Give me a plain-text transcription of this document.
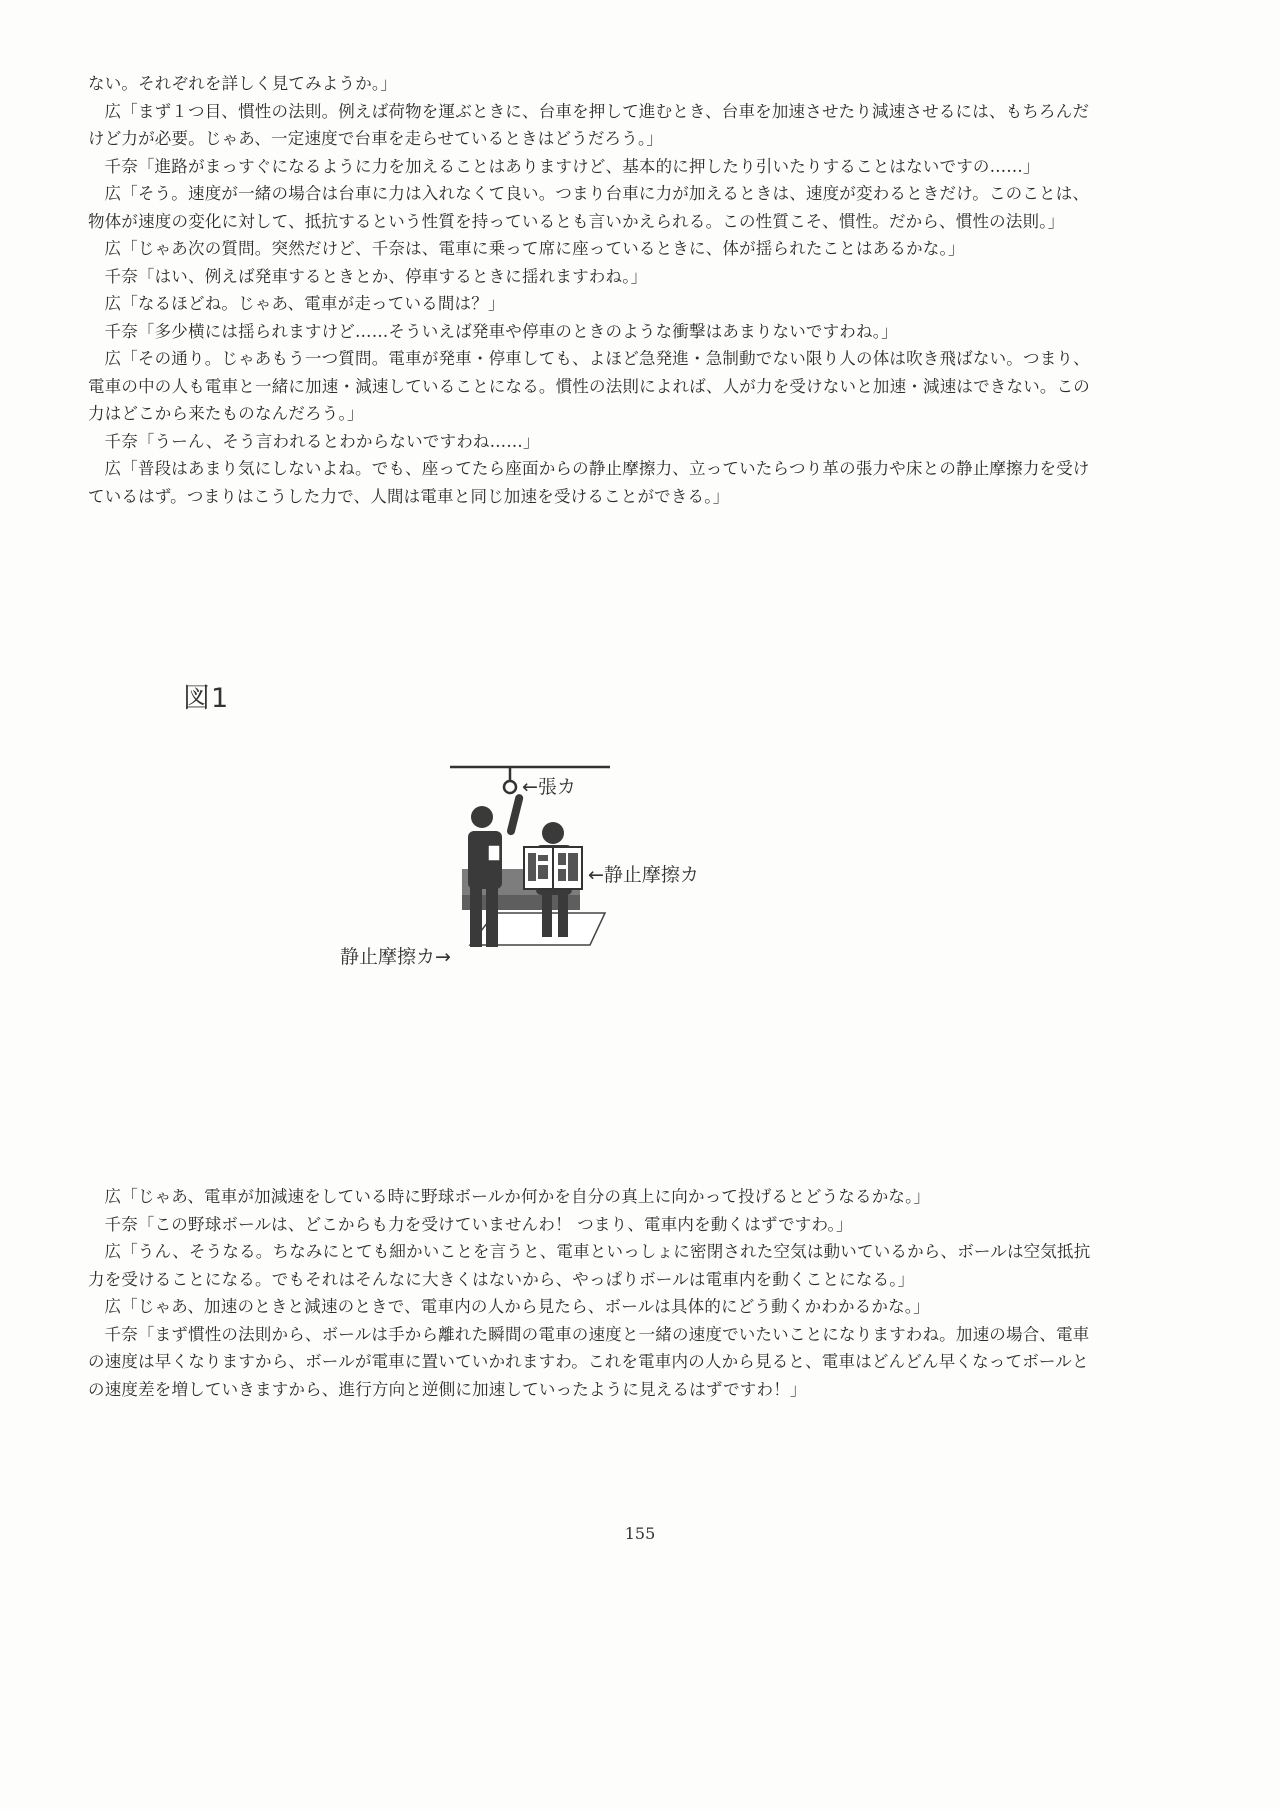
ない。それぞれを詳しく見てみようか。」

広「まず１つ目、慣性の法則。例えば荷物を運ぶときに、台車を押して進むとき、台車を加速させたり減速させるには、もちろんだけど力が必要。じゃあ、一定速度で台車を走らせているときはどうだろう。」

千奈「進路がまっすぐになるように力を加えることはありますけど、基本的に押したり引いたりすることはないですの……」

広「そう。速度が一緒の場合は台車に力は入れなくて良い。つまり台車に力が加えるときは、速度が変わるときだけ。このことは、物体が速度の変化に対して、抵抗するという性質を持っているとも言いかえられる。この性質こそ、慣性。だから、慣性の法則。」

広「じゃあ次の質問。突然だけど、千奈は、電車に乗って席に座っているときに、体が揺られたことはあるかな。」

千奈「はい、例えば発車するときとか、停車するときに揺れますわね。」

広「なるほどね。じゃあ、電車が走っている間は？」

千奈「多少横には揺られますけど……そういえば発車や停車のときのような衝撃はあまりないですわね。」

広「その通り。じゃあもう一つ質問。電車が発車・停車しても、よほど急発進・急制動でない限り人の体は吹き飛ばない。つまり、電車の中の人も電車と一緒に加速・減速していることになる。慣性の法則によれば、人が力を受けないと加速・減速はできない。この力はどこから来たものなんだろう。」

千奈「うーん、そう言われるとわからないですわね……」

広「普段はあまり気にしないよね。でも、座ってたら座面からの静止摩擦力、立っていたらつり革の張力や床との静止摩擦力を受けているはず。つまりはこうした力で、人間は電車と同じ加速を受けることができる。」

図1
←張カ
←静止摩擦カ
静止摩擦カ→

広「じゃあ、電車が加減速をしている時に野球ボールか何かを自分の真上に向かって投げるとどうなるかな。」

千奈「この野球ボールは、どこからも力を受けていませんわ！ つまり、電車内を動くはずですわ。」

広「うん、そうなる。ちなみにとても細かいことを言うと、電車といっしょに密閉された空気は動いているから、ボールは空気抵抗力を受けることになる。でもそれはそんなに大きくはないから、やっぱりボールは電車内を動くことになる。」

広「じゃあ、加速のときと減速のときで、電車内の人から見たら、ボールは具体的にどう動くかわかるかな。」

千奈「まず慣性の法則から、ボールは手から離れた瞬間の電車の速度と一緒の速度でいたいことになりますわね。加速の場合、電車の速度は早くなりますから、ボールが電車に置いていかれますわ。これを電車内の人から見ると、電車はどんどん早くなってボールとの速度差を増していきますから、進行方向と逆側に加速していったように見えるはずですわ！」

155
